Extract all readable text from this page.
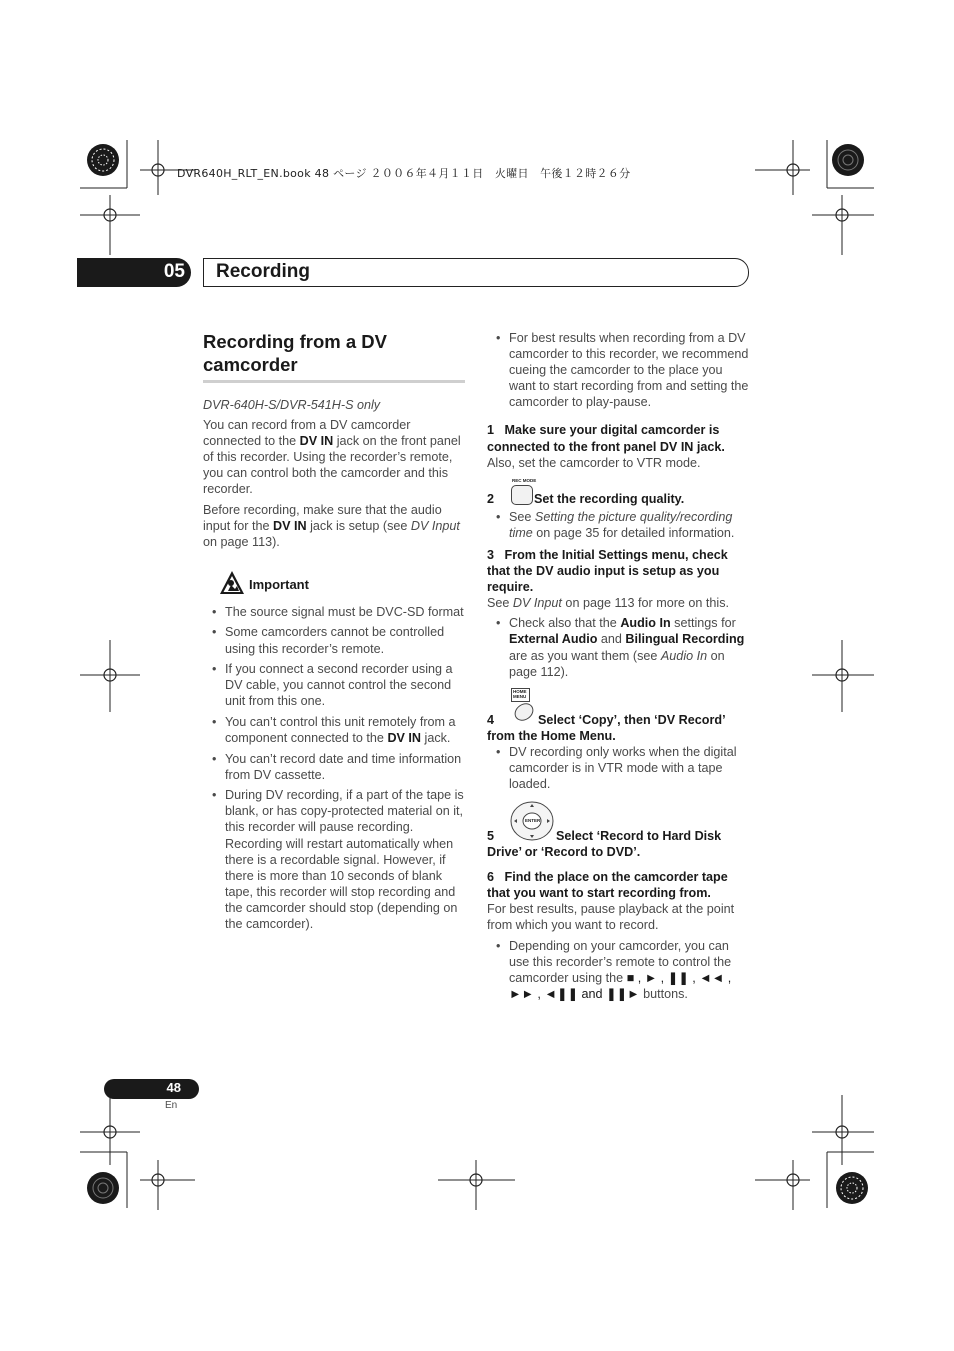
DVR640H_RLT_EN.book 48 ページ ２００６年４月１１日　火曜日　午後１２時２６分
05 Recording
Recording from a DV camcorder

DVR-640H-S/DVR-541H-S only

You can record from a DV camcorder connected to the DV IN jack on the front panel of this recorder. Using the recorder’s remote, you can control both the camcorder and this recorder.

Before recording, make sure that the audio input for the DV IN jack is setup (see DV Input on page 113).

Important
• The source signal must be DVC-SD format
• Some camcorders cannot be controlled using this recorder’s remote.
• If you connect a second recorder using a DV cable, you cannot control the second unit from this one.
• You can’t control this unit remotely from a component connected to the DV IN jack.
• You can’t record date and time information from DV cassette.
• During DV recording, if a part of the tape is blank, or has copy-protected material on it, this recorder will pause recording. Recording will restart automatically when there is a recordable signal. However, if there is more than 10 seconds of blank tape, this recorder will stop recording and the camcorder should stop (depending on the camcorder).
• For best results when recording from a DV camcorder to this recorder, we recommend cueing the camcorder to the place you want to start recording from and setting the camcorder to play-pause.
1 Make sure your digital camcorder is connected to the front panel DV IN jack.

Also, set the camcorder to VTR mode.

REC MODE
2	Set the recording quality.
• See Setting the picture quality/recording time on page 35 for detailed information.
3 From the Initial Settings menu, check that the DV audio input is setup as you require.

See DV Input on page 113 for more on this.

• Check also that the Audio In settings for External Audio and Bilingual Recording are as you want them (see Audio In on page 112).
HOME
MENU
4	Select ‘Copy’, then ‘DV Record’
from the Home Menu.
• DV recording only works when the digital camcorder is in VTR mode with a tape loaded.
ENTER
5	Select ‘Record to Hard Disk
Drive’ or ‘Record to DVD’.
6 Find the place on the camcorder tape that you want to start recording from.

For best results, pause playback at the point from which you want to record.

• Depending on your camcorder, you can use this recorder’s remote to control the camcorder using the ■ , ► , ❚❚ , ◄◄ , ►► , ◄❚❚ and ❚❚► buttons.
48
En
